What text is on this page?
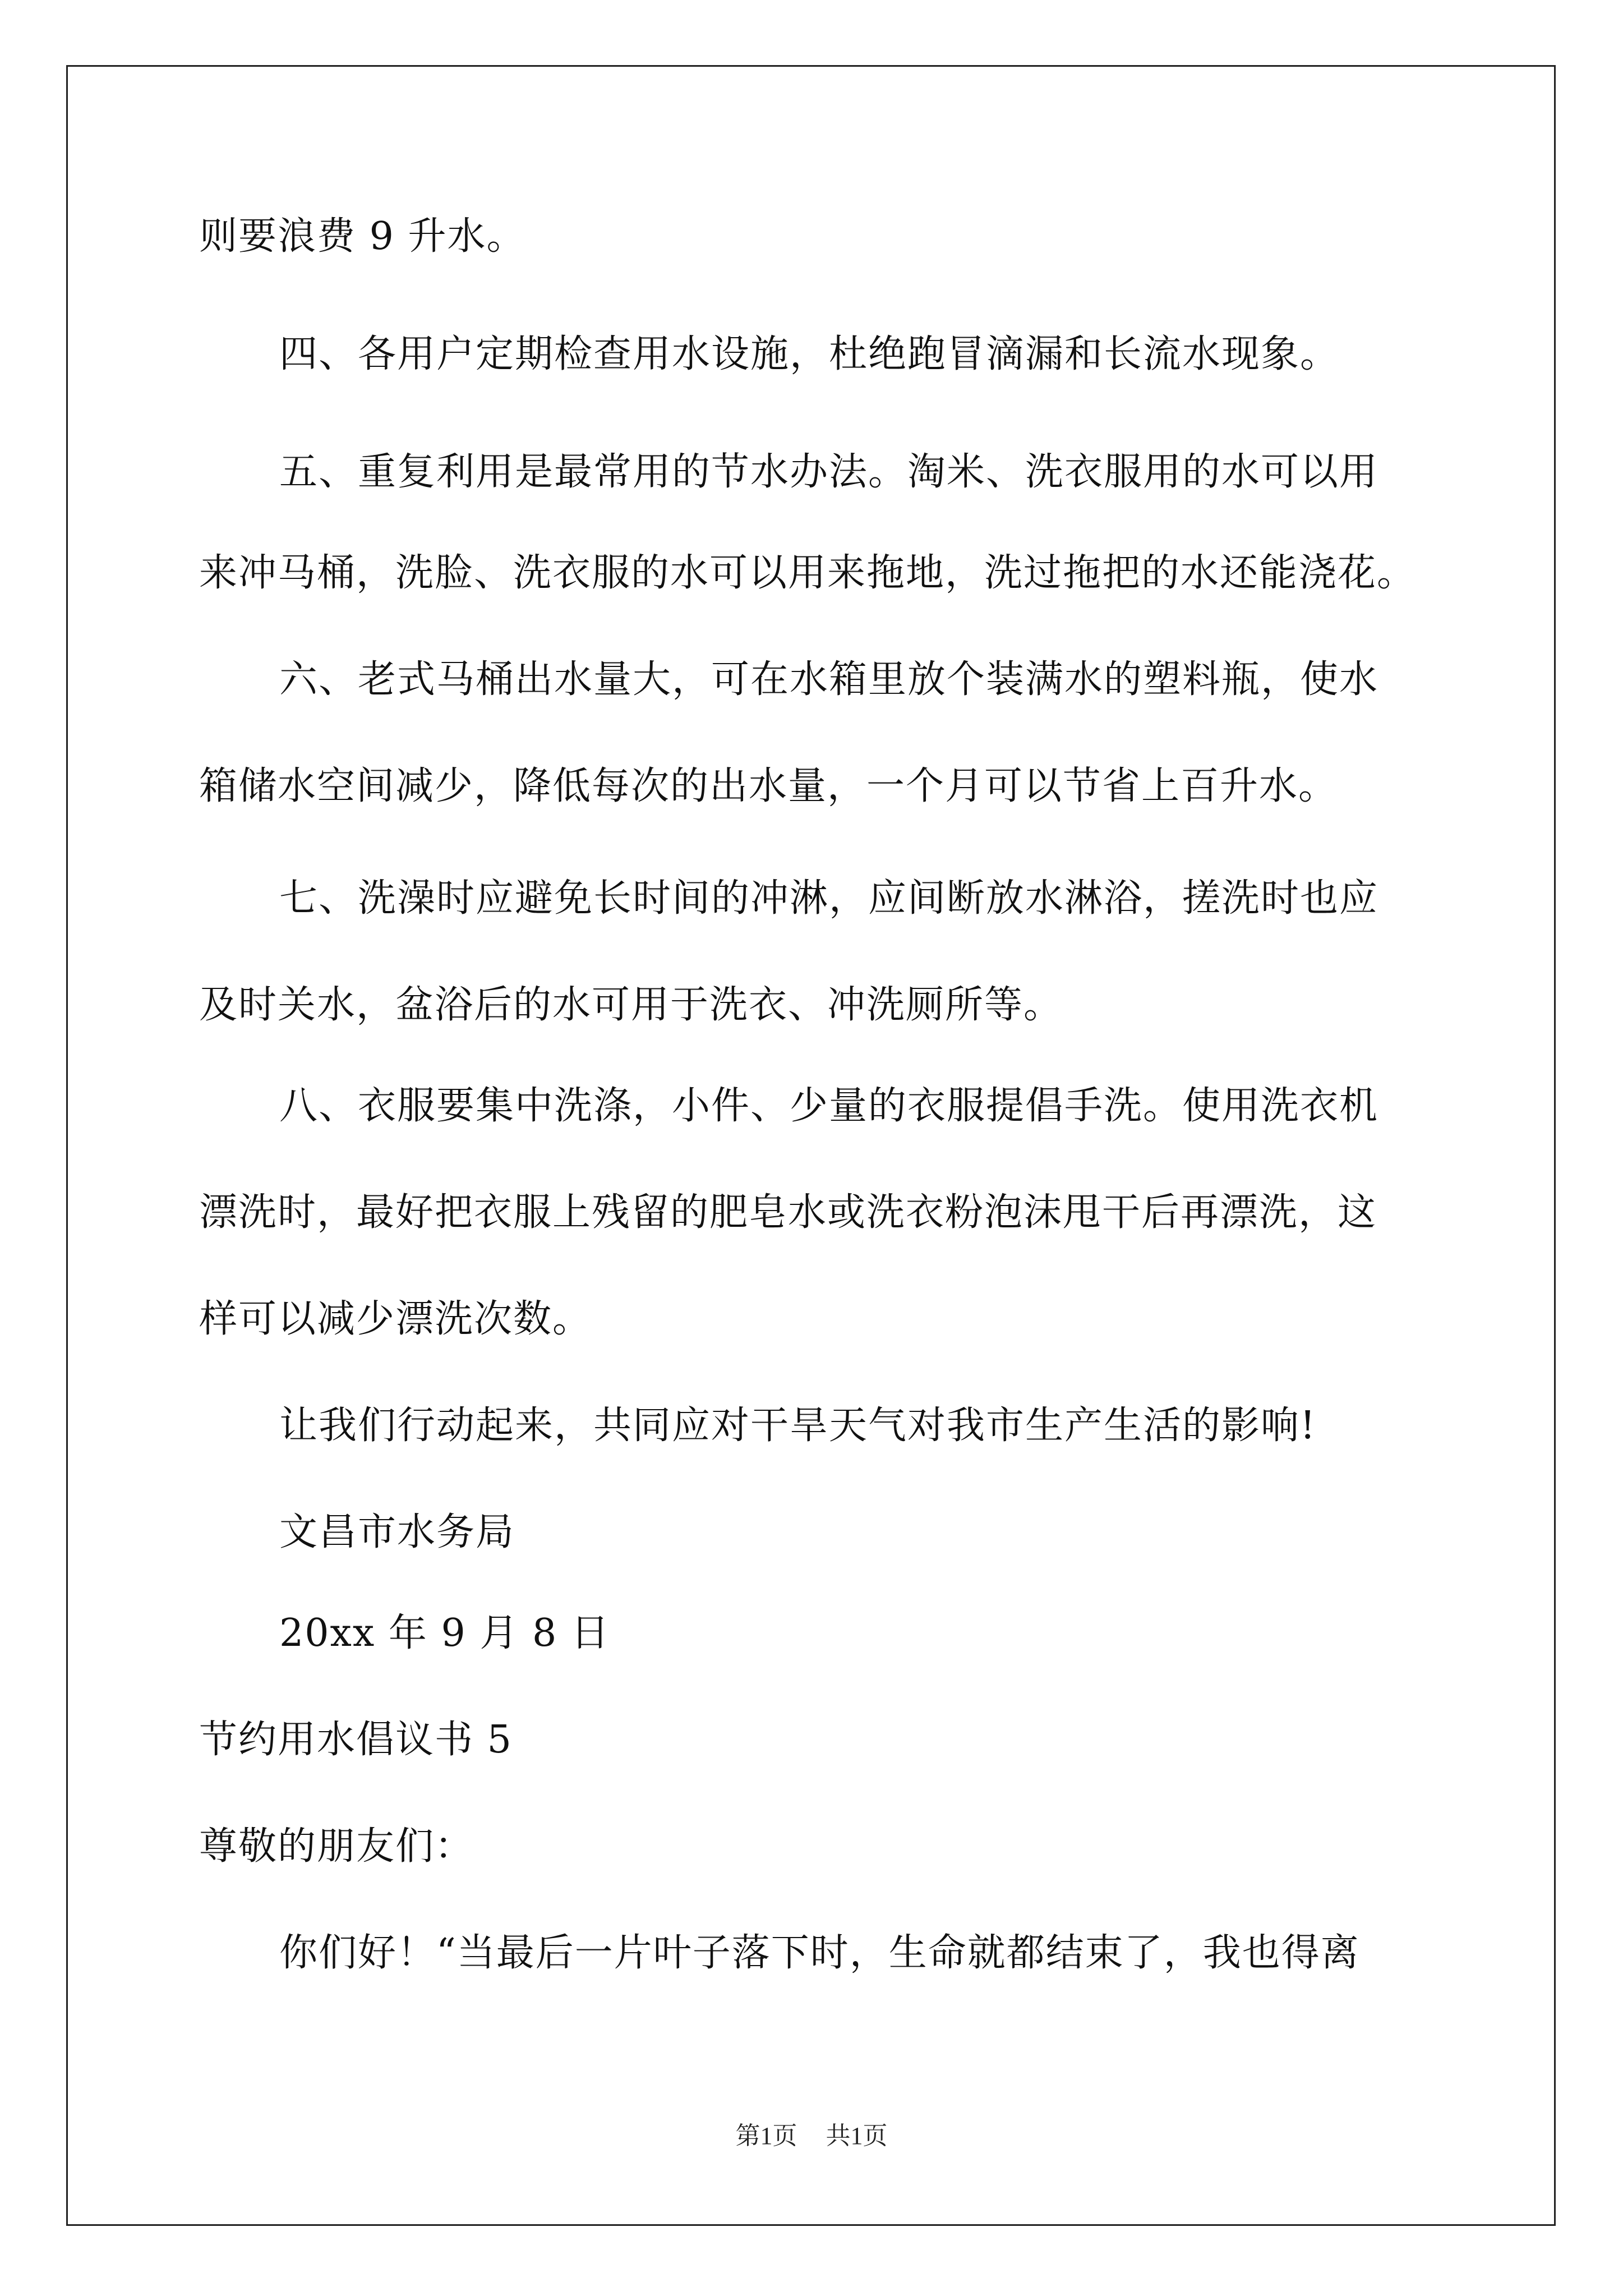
则要浪费 9 升水。
四、各用户定期检查用水设施，杜绝跑冒滴漏和长流水现象。
五、重复利用是最常用的节水办法。淘米、洗衣服用的水可以用
来冲马桶，洗脸、洗衣服的水可以用来拖地，洗过拖把的水还能浇花。
六、老式马桶出水量大，可在水箱里放个装满水的塑料瓶，使水
箱储水空间减少，降低每次的出水量，一个月可以节省上百升水。
七、洗澡时应避免长时间的冲淋，应间断放水淋浴，搓洗时也应
及时关水，盆浴后的水可用于洗衣、冲洗厕所等。
八、衣服要集中洗涤，小件、少量的衣服提倡手洗。使用洗衣机
漂洗时，最好把衣服上残留的肥皂水或洗衣粉泡沫甩干后再漂洗，这
样可以减少漂洗次数。
让我们行动起来，共同应对干旱天气对我市生产生活的影响!
文昌市水务局
20xx 年 9 月 8 日
节约用水倡议书 5
尊敬的朋友们：
你们好！“当最后一片叶子落下时，生命就都结束了，我也得离
第1页 共1页
